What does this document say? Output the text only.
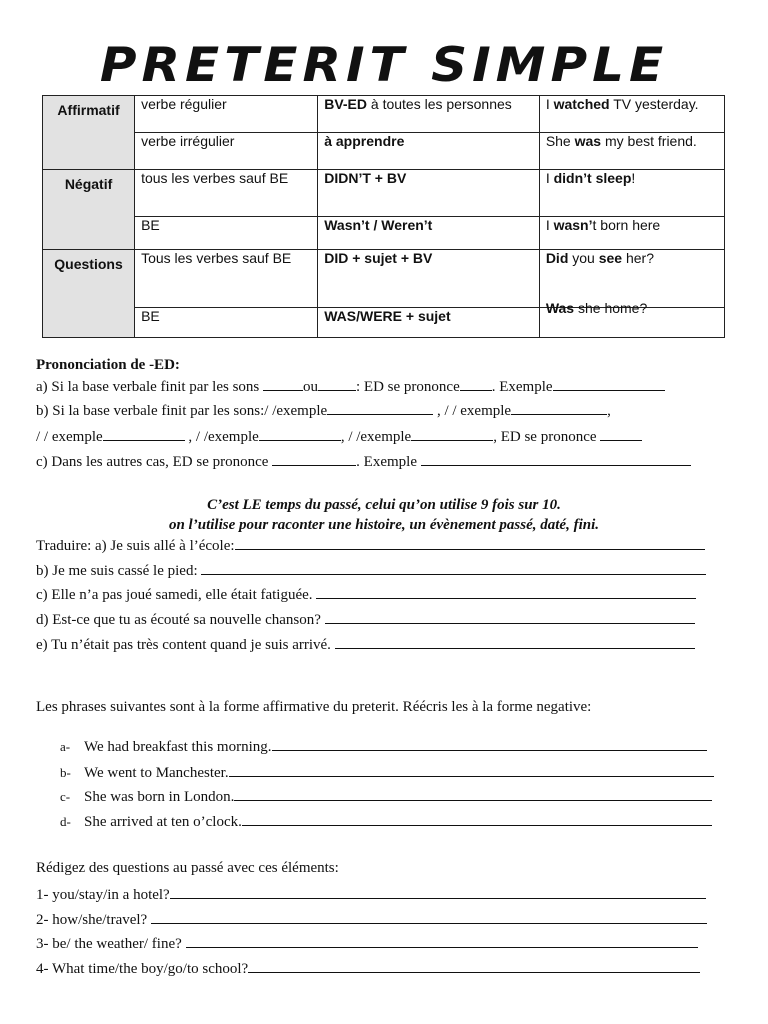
PRETERIT SIMPLE
Affirmatif	verbe régulier	BV-ED à toutes les personnes	I watched TV yesterday.
	verbe irrégulier	à apprendre	She was my best friend.
Négatif	tous les verbes sauf BE	DIDN’T + BV	I didn’t sleep!
	BE	Wasn’t / Weren’t	I wasn’t born here
Questions	Tous les verbes sauf BE	DID + sujet + BV	Did you see her?
	BE	WAS/WERE + sujet	Was she home?
Prononciation de -ED:
a) Si la base verbale finit par les sons	ou	: ED se prononce . Exemple
b) Si la base verbale finit par les sons:/ /exemple	, / / exemple	,
/ / exemple	, / /exemple	, / /exemple	, ED se prononce
c) Dans les autres cas, ED se prononce	. Exemple
C’est LE temps du passé, celui qu’on utilise 9 fois sur 10.
on l’utilise pour raconter une histoire, un évènement passé, daté, fini.
Traduire: a) Je suis allé à l’école:
b) Je me suis cassé le pied:
c) Elle n’a pas joué samedi, elle était fatiguée.
d) Est-ce que tu as écouté sa nouvelle chanson?
e) Tu n’était pas très content quand je suis arrivé.
Les phrases suivantes sont à la forme affirmative du preterit. Réécris les à la forme negative:
a- We had breakfast this morning.
b- We went to Manchester.
c- She was born in London.
d- She arrived at ten o’clock.
Rédigez des questions au passé avec ces éléments:
1- you/stay/in a hotel?
2- how/she/travel?
3- be/ the weather/ fine?
4- What time/the boy/go/to school?
